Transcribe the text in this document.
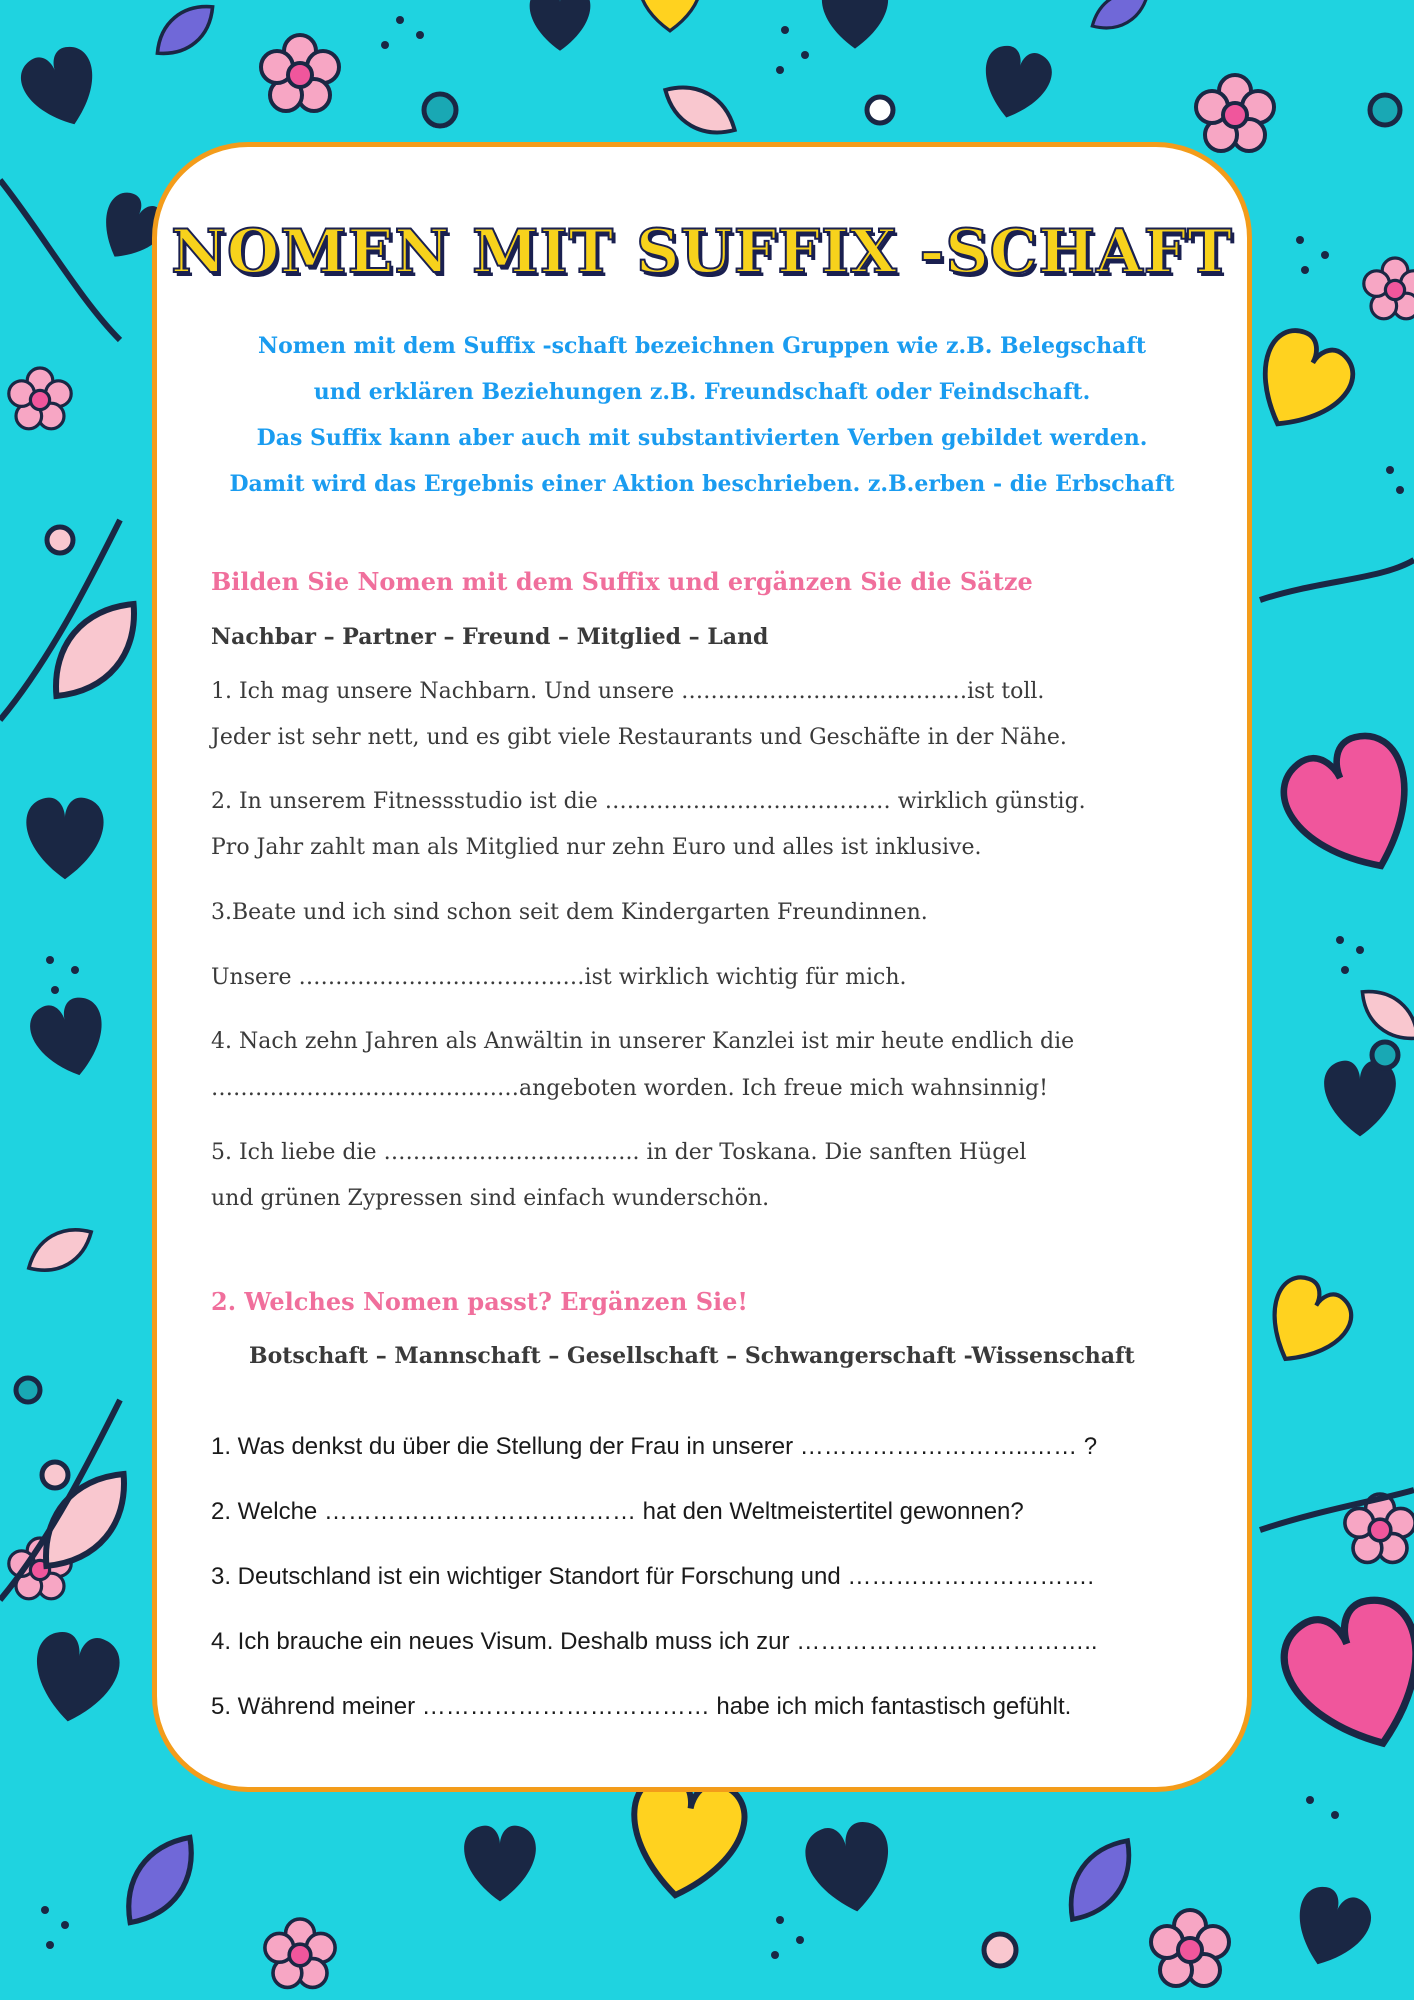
NOMEN MIT SUFFIX -SCHAFT
Nomen mit dem Suffix -schaft bezeichnen Gruppen wie z.B. Belegschaft
und erklären Beziehungen z.B. Freundschaft oder Feindschaft.
Das Suffix kann aber auch mit substantivierten Verben gebildet werden.
Damit wird das Ergebnis einer Aktion beschrieben. z.B.erben - die Erbschaft
Bilden Sie Nomen mit dem Suffix und ergänzen Sie die Sätze
Nachbar – Partner – Freund – Mitglied – Land
1. Ich mag unsere Nachbarn. Und unsere …………………………………ist toll.
Jeder ist sehr nett, und es gibt viele Restaurants und Geschäfte in der Nähe.
2. In unserem Fitnessstudio ist die ………………………………… wirklich günstig.
Pro Jahr zahlt man als Mitglied nur zehn Euro und alles ist inklusive.
3.Beate und ich sind schon seit dem Kindergarten Freundinnen.
Unsere …………………………………ist wirklich wichtig für mich.
4. Nach zehn Jahren als Anwältin in unserer Kanzlei ist mir heute endlich die
……………………………………angeboten worden. Ich freue mich wahnsinnig!
5. Ich liebe die …………………………….. in der Toskana. Die sanften Hügel
und grünen Zypressen sind einfach wunderschön.
2. Welches Nomen passt? Ergänzen Sie!
Botschaft – Mannschaft – Gesellschaft – Schwangerschaft -Wissenschaft
1. Was denkst du über die Stellung der Frau in unserer ………………………..…… ?
2. Welche ………………………………… hat den Weltmeistertitel gewonnen?
3. Deutschland ist ein wichtiger Standort für Forschung und ………………………….
4. Ich brauche ein neues Visum. Deshalb muss ich zur ………………………………..
5. Während meiner ……………………………… habe ich mich fantastisch gefühlt.
